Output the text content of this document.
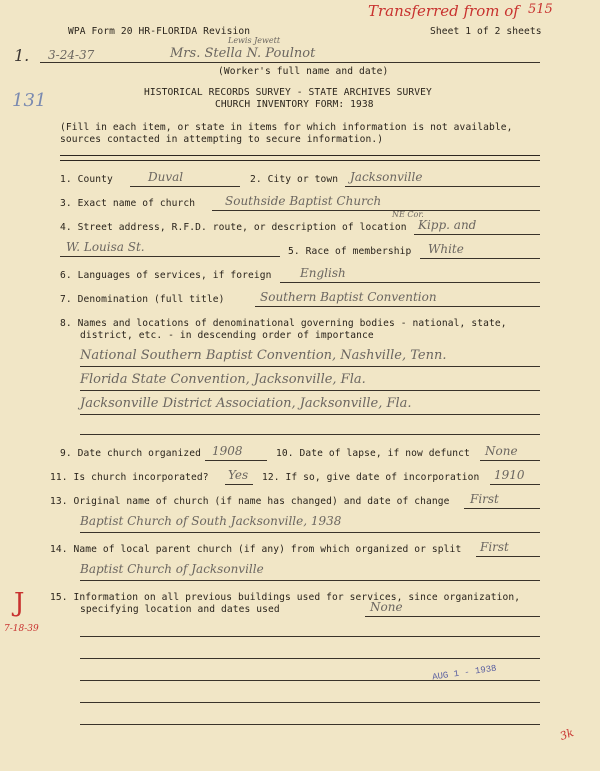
Transferred from of 515
WPA Form 20 HR-FLORIDA Revision	Sheet 1 of 2 sheets
1. 3-24-37	Mrs. Stella N. Poulnot
Lewis Jewett
(Worker's full name and date)
131	HISTORICAL RECORDS SURVEY - STATE ARCHIVES SURVEY
CHURCH INVENTORY FORM: 1938
(Fill in each item, or state in items for which information is not available,
sources contacted in attempting to secure information.)
1. County	Duval	2. City or town Jacksonville
3. Exact name of church Southside Baptist Church
4. Street address, R.F.D. route, or description of location
NE Cor.
Kipp. and
W. Louisa St.	5. Race of membership White
6. Languages of services, if foreign English
7. Denomination (full title)	Southern Baptist Convention
8. Names and locations of denominational governing bodies - national, state,
district, etc. - in descending order of importance
National Southern Baptist Convention, Nashville, Tenn.
Florida State Convention, Jacksonville, Fla.
Jacksonville District Association, Jacksonville, Fla.
9. Date church organized 1908	10. Date of lapse, if now defunct None
11. Is church incorporated? Yes 12. If so, give date of incorporation 1910
13. Original name of church (if name has changed) and date of change First
Baptist Church of South Jacksonville, 1938
14. Name of local parent church (if any) from which organized or split First
Baptist Church of Jacksonville
J
7-18-39
15. Information on all previous buildings used for services, since organization,
specifying location and dates used	None
AUG 1 - 1938
3k
